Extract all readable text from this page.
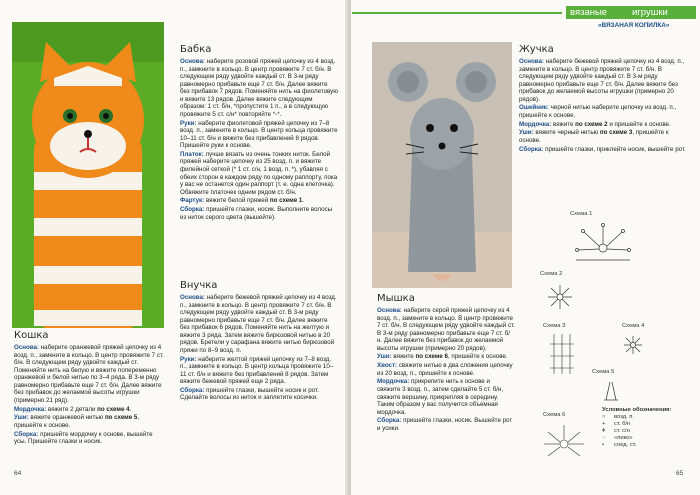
Бабка

Основа: наберите розовой пряжей цепочку из 4 возд. п., замкните в кольцо. В центр провяжите 7 ст. б/н. В следующем ряду удвойте каждый ст. В 3-м ряду равномерно прибавьте еще 7 ст. б/н. Далее вяжите без прибавок 7 рядов. Поменяйте нить на фиолетовую и вяжите 13 рядов. Далее вяжите следующим образом: 1 ст. б/н, *пропустите 1 п., а в следующую провяжите 5 ст. с/н* повторяйте *-*.

Руки: наберите фиолетовой пряжей цепочку из 7–8 возд. п., замкните в кольцо. В центр кольца провяжите 10–11 ст. б/н и вяжите без прибавлений 8 рядов. Пришейте руки к основе.

Платок: лучше вязать из очень тонких ниток. Белой пряжей наберите цепочку из 25 возд. п. и вяжите филейной сеткой (* 1 ст. с/н, 1 возд. п. *), убавляя с обеих сторон в каждом ряду по одному раппорту, пока у вас не останется один раппорт (т. е. одна клеточка). Обвяжите платочек одним рядом ст. б/н.

Фартук: вяжите белой пряжей по схеме 1.

Сборка: пришейте глазки, носик. Выполните волосы из ниток серого цвета (вышейте).

Внучка

Основа: наберите бежевой пряжей цепочку из 4 возд. п., замкните в кольцо. В центр провяжите 7 ст. б/н. В следующем ряду удвойте каждый ст. В 3-м ряду равномерно прибавьте еще 7 ст. б/н. Далее вяжите без прибавок 6 рядов. Поменяйте нить на желтую и вяжите 3 ряда. Затем вяжите бирюзовой нитью в 20 рядов. Бретели у сарафана вяжите нитью бирюзовой пряжи по 8–9 возд. п.

Руки: наберите желтой пряжей цепочку из 7–8 возд. п., замкните в кольцо. В центр кольца провяжите 10–11 ст. б/н и вяжите без прибавлений 8 рядов. Затем вяжите бежевой пряжей еще 2 ряда.

Сборка: пришейте глазки, вышейте носик и рот. Сделайте волосы из ниток и заплетите косички.

Кошка

Основа: наберите оранжевой пряжей цепочку из 4 возд. п., замкните в кольцо. В центр провяжите 7 ст. б/н. В следующем ряду удвойте каждый ст. Поменяйте нить на белую и вяжите попеременно оранжевой и белой нитью по 3–4 ряда. В 3-м ряду равномерно прибавьте еще 7 ст. б/н. Далее вяжите без прибавок до желаемой высоты игрушки (примерно 21 ряд).

Мордочка: вяжите 2 детали по схеме 4.

Уши: вяжите оранжевой нитью по схеме 5, пришейте к основе.

Сборка: пришейте мордочку к основе, вышейте усы. Пришейте глазки и носик.

64
вязаные	игрушки
«ВЯЗАНАЯ КОПИЛКА»
Жучка

Основа: наберите бежевой пряжей цепочку из 4 возд. п., замкните в кольцо. В центр провяжите 7 ст. б/н. В следующем ряду удвойте каждый ст. В 3-м ряду равномерно прибавьте еще 7 ст. б/н. Далее вяжите без прибавок до желаемой высоты игрушки (примерно 20 рядов).

Ошейник: черной нитью наберите цепочку из возд. п., пришейте к основе.

Мордочка: вяжите по схеме 2 и пришейте к основе.

Уши: вяжите черный нитью по схеме 3, пришейте к основе.

Сборка: пришейте глазки, приклейте носик, вышейте рот.

Мышка

Основа: наберите серой пряжей цепочку из 4 возд. п., замкните в кольцо. В центр провяжите 7 ст. б/н. В следующем ряду удвойте каждый ст. В 3-м ряду равномерно прибавьте еще 7 ст. б/н. Далее вяжите без прибавок до желаемой высоты игрушки (примерно 20 рядов).

Уши: вяжите по схеме 6, пришейте к основе.

Хвост: свяжите нитью в два сложения цепочку из 20 возд. п., пришейте к основе.

Мордочка: прикрепите нить к основе и свяжите 3 возд. п., затем сделайте 5 ст. б/н, свяжите вершину, прикрепляя в середину. Таким образом у вас получится объемная мордочка.

Сборка: пришейте глазки, носик. Вышейте рот и усики.

Схема 1
Схема 2
Схема 3	Схема 4
Схема 5
Схема 6
Условные обозначения:
○ возд. п.
+ ст. б/н
ǂ ст. с/н
◌ «пико»
• соед. ст.
65
